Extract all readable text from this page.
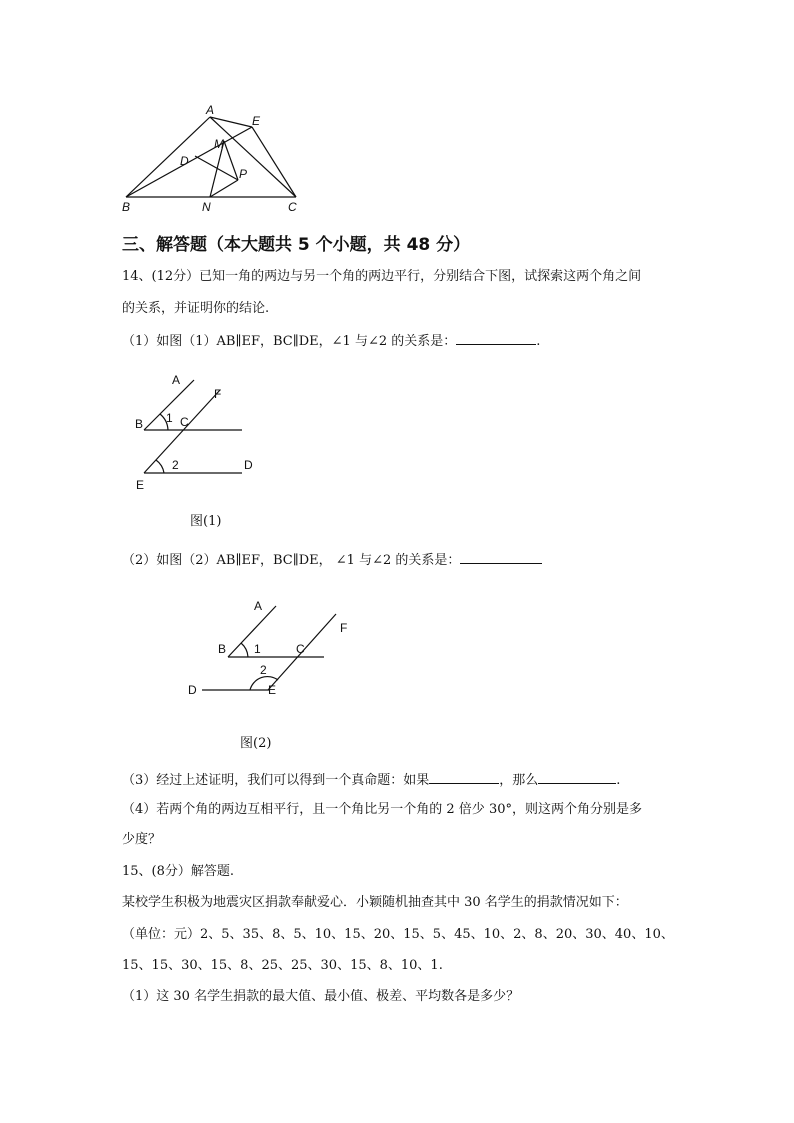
A
E
M
D
P
B	N	C
三、解答题（本大题共 5 个小题，共 48 分）
14、(12分）已知一角的两边与另一个角的两边平行，分别结合下图，试探索这两个角之间
的关系，并证明你的结论.
（1）如图（1）AB∥EF，BC∥DE，∠1 与∠2 的关系是：	.
A
F
B 1 C
2	D
E
图(1)
（2）如图（2）AB∥EF，BC∥DE， ∠1 与∠2 的关系是：
A
F
B 1	C
2
D	E
图(2)
（3）经过上述证明，我们可以得到一个真命题：如果	，那么	.
（4）若两个角的两边互相平行，且一个角比另一个角的 2 倍少 30°，则这两个角分别是多
少度？
15、(8分）解答题.
某校学生积极为地震灾区捐款奉献爱心．小颖随机抽查其中 30 名学生的捐款情况如下：
（单位：元）2、5、35、8、5、10、15、20、15、5、45、10、2、8、20、30、40、10、
15、15、30、15、8、25、25、30、15、8、10、1.
（1）这 30 名学生捐款的最大值、最小值、极差、平均数各是多少？
